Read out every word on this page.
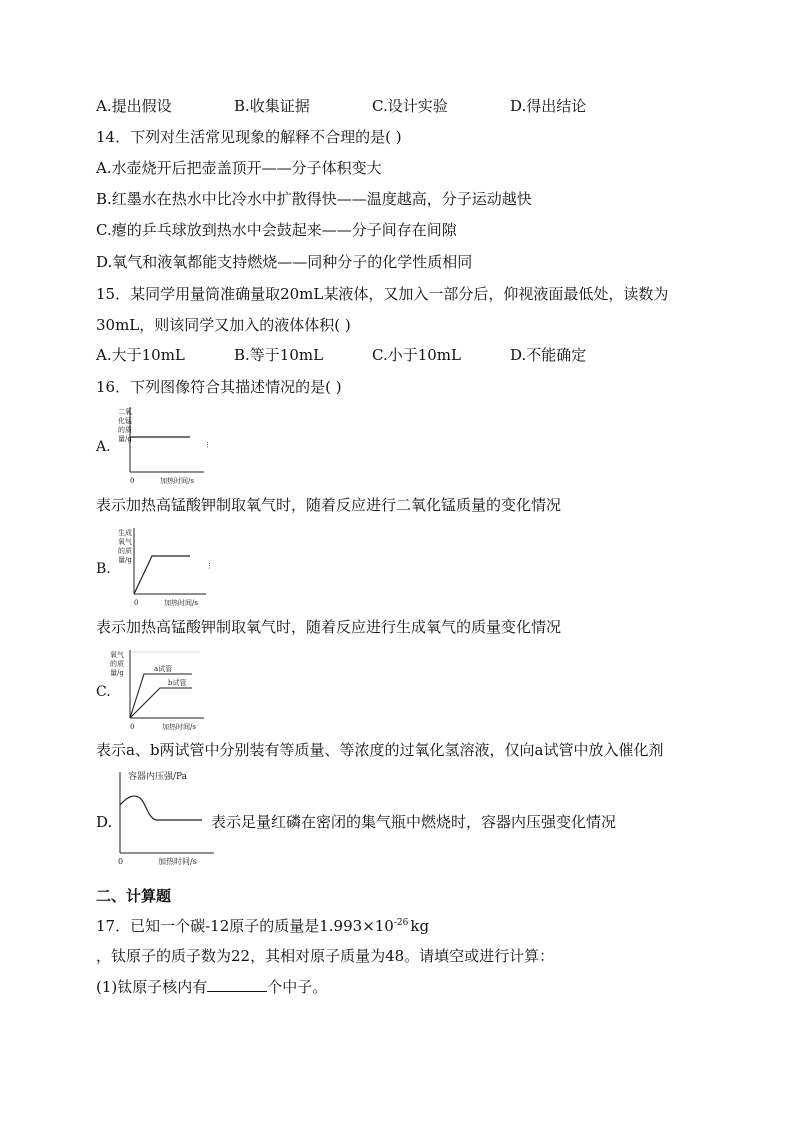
A.提出假设	B.收集证据	C.设计实验	D.得出结论
14．下列对生活常见现象的解释不合理的是( )
A.水壶烧开后把壶盖顶开——分子体积变大
B.红墨水在热水中比冷水中扩散得快——温度越高，分子运动越快
C.瘪的乒乓球放到热水中会鼓起来——分子间存在间隙
D.氧气和液氧都能支持燃烧——同种分子的化学性质相同
15．某同学用量筒准确量取20mL某液体，又加入一部分后，仰视液面最低处，读数为
30mL，则该同学又加入的液体体积( )
A.大于10mL	B.等于10mL	C.小于10mL	D.不能确定
16．下列图像符合其描述情况的是( )
A.
二氧
化锰
的质
量/g
0	加热时间/s
⋮
表示加热高锰酸钾制取氧气时，随着反应进行二氧化锰质量的变化情况
B.
生成
氧气
的质
量/g
0	加热时间/s
⋮
表示加热高锰酸钾制取氧气时，随着反应进行生成氧气的质量变化情况
C.
氧气
的质
量/g	a试管
b试管
0	加热时间/s
表示a、b两试管中分别装有等质量、等浓度的过氧化氢溶液，仅向a试管中放入催化剂
D.
容器内压强/Pa
0	加热时间/s
表示足量红磷在密闭的集气瓶中燃烧时，容器内压强变化情况
二、计算题
17．已知一个碳-12原子的质量是$1.993\times 10^{-26}$ kg
，钛原子的质子数为22，其相对原子质量为48。请填空或进行计算：
(1)钛原子核内有	个中子。
